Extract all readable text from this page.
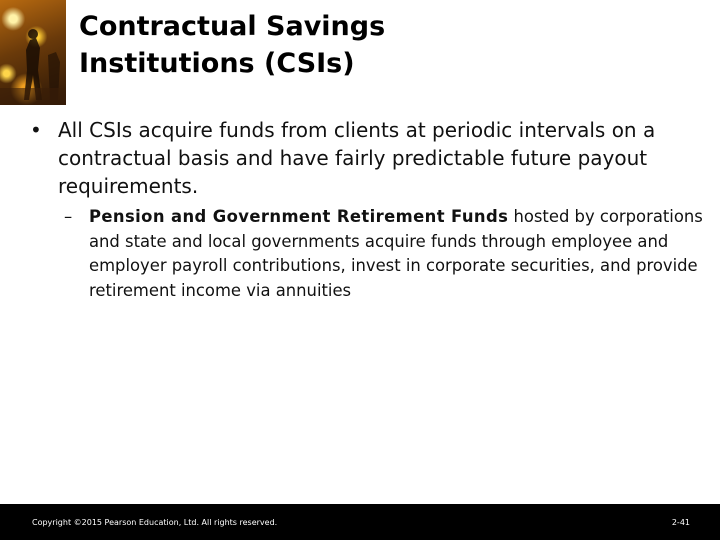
Contractual Savings
Institutions (CSIs)
• All CSIs acquire funds from clients at periodic intervals on a contractual basis and have fairly predictable future payout requirements.
– Pension and Government Retirement Funds hosted by corporations and state and local governments acquire funds through employee and employer payroll contributions, invest in corporate securities, and provide retirement income via annuities
Copyright ©2015 Pearson Education, Ltd. All rights reserved.	2-41
